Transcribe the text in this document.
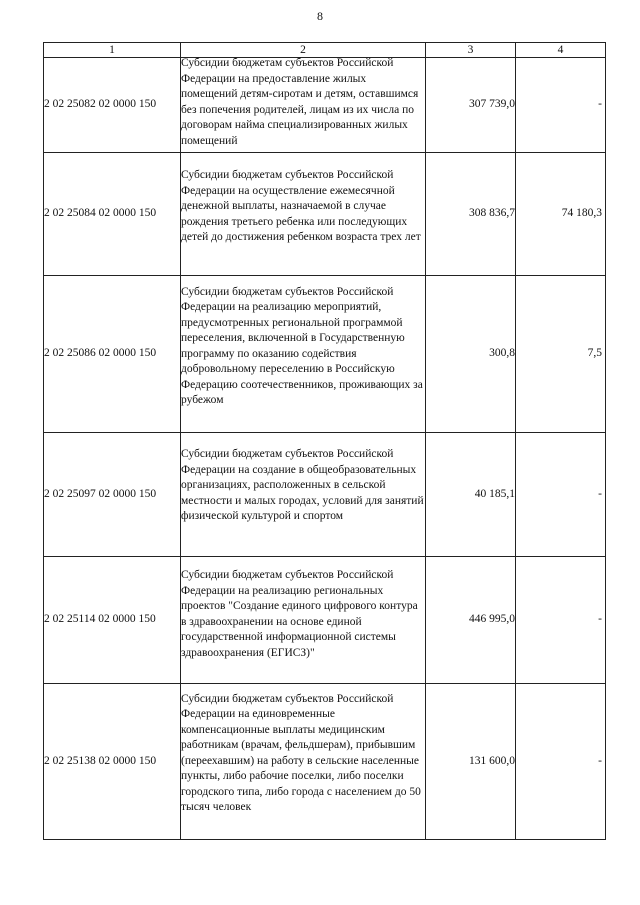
8
1	2	3	4
2 02 25082 02 0000 150	Субсидии бюджетам субъектов Российской Федерации на предоставление жилых помещений детям-сиротам и детям, оставшимся без попечения родителей, лицам из их числа по договорам найма специализированных жилых помещений	307 739,0	-
2 02 25084 02 0000 150	Субсидии бюджетам субъектов Российской Федерации на осуществление ежемесячной денежной выплаты, назначаемой в случае рождения третьего ребенка или последующих детей до достижения ребенком возраста трех лет	308 836,7	74 180,3
2 02 25086 02 0000 150	Субсидии бюджетам субъектов Российской Федерации на реализацию мероприятий, предусмотренных региональной программой переселения, включенной в Государственную программу по оказанию содействия добровольному переселению в Российскую Федерацию соотечественников, проживающих за рубежом	300,8	7,5
2 02 25097 02 0000 150	Субсидии бюджетам субъектов Российской Федерации на создание в общеобразовательных организациях, расположенных в сельской местности и малых городах, условий для занятий физической культурой и спортом	40 185,1	-
2 02 25114 02 0000 150	Субсидии бюджетам субъектов Российской Федерации на реализацию региональных проектов "Создание единого цифрового контура в здравоохранении на основе единой государственной информационной системы здравоохранения (ЕГИСЗ)"	446 995,0	-
2 02 25138 02 0000 150	Субсидии бюджетам субъектов Российской Федерации на единовременные компенсационные выплаты медицинским работникам (врачам, фельдшерам), прибывшим (переехавшим) на работу в сельские населенные пункты, либо рабочие поселки, либо поселки городского типа, либо города с населением до 50 тысяч человек	131 600,0	-
